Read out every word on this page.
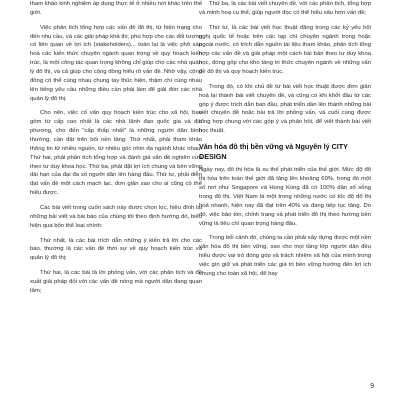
tham khảo kinh nghiệm áp dụng thực tế ở nhiều nơi khác trên thế giới.

Việc phân tích tổng hợp các vấn đề đô thị, từ hiện trạng cho đến nhu cầu, và các giải pháp khả thi, phù hợp cho các đối tượng có liên quan về lợi ích (stakeholders)... toàn lại là việc phô sáp hoà các kiến thức chuyên ngành quan trọng về quy hoạch kiến trúc, là một công tác quan trọng không chỉ giúp cho các nhà quản lý đô thị, và cả giúp cho cộng đồng hiểu rõ vấn đề. Nhờ vậy, cộng đồng có thể cùng nhau chung tay thúc hiện, thậm chí cùng nhau lên tiếng yêu cầu những điều cần phải làm để giải đón các nhà quản lý đô thị.

Cho nên, việc cố vấn quy hoạch kiến trúc cho xã hội, bao gồm từ cấp cao nhất là các nhà lãnh đạo quốc gia và địa phương, cho đến "cấp thấp nhất" là những người dân bình thường, cần đặt trên bối nền tảng: Thứ nhất, phải tham khảo thông tin từ nhiều nguồn, từ nhiều góc nhìn đa ngành khác nhau. Thứ hai, phải phân tích tổng hợp và đánh giá vấn đề nghiên cứu theo tư duy khoa học. Thứ ba, phải đặt lợi ích chung và bền vững dài hạn của đại đa số người dân lên hàng đầu. Thứ tư, phải diễn đạt vấn đề một cách mạch lạc, đơn giản sao cho ai cũng có thể hiểu được.

Các bài viết trong cuốn sách này được chọn lọc, hiệu đính lại những bài viết và bài báo của chúng tôi theo định hướng đó, biểu hiện qua bốn thể loại chính:

Thứ nhất, là các bài trích dẫn những ý kiến trả lời cho các báo, thường là các vấn đề thời sự về quy hoạch kiến trúc và quản lý đô thị;

Thứ hai, là các bài tả lời phỏng vấn, với các phân tích và đề xuất giải pháp đối với các vấn đề nóng mà người dân đang quan tâm;

Thứ ba, là các bài viết chuyên đề, với các phân tích, tổng hợp và minh hoạ cụ thể, giúp người đọc có thể hiểu sâu hơn vấn đề;

Thứ tư, là các bài viết học thuật đăng trong các kỷ yếu hội nghị quốc tế hoặc trên các tạp chí chuyên ngành trong hoặc ngoài nước, có trích dẫn nguồn tài liệu tham khảo, phân tích tổng hợp các vấn đề và giải pháp một cách bài bản theo tư duy khoa học, đóng góp cho kho tàng tri thức chuyên ngành về những vấn đề đô thị và quy hoạch kiến trúc.

Trong đó, có khi chủ đề từ bài viết học thuật được đơn giản hoá lại thành bài viết chuyên đề, và cũng có khi khởi đầu từ các góp ý được trích dẫn ban đầu, phát triển dần lên thành những bài viết chuyên đề hoặc bài trả lời phỏng vấn, và cuối cùng được tổng hợp chung với các góp ý và phản hồi, để viết thành bài viết học thuật.

Văn hóa đô thị bền vững và Nguyên lý CITY DESIGN

Ngày nay, đô thị hóa là xu thế phát triển của thế giới. Mức độ đô thị hóa trên toàn thế giới đã tăng lên khoảng 60%, trong đó một số nơi như Singapore và Hong Kong đã có 100% dân số sống trong đô thị. Việt Nam là một trong những nước có tốc độ đô thị hoá nhanh, hiện nay đã đạt trên 40% và đang tiếp tục tăng. Do đó, việc bảo tồn, chỉnh trang và phát triển đô thị theo hướng bền vững là tiêu chí quan trọng hàng đầu.

Trong bối cảnh đó, chúng ta cần phải xây dựng được một nền văn hóa đô thị bền vững, sao cho mọi tầng lớp người dân đều hiểu được vai trò đóng góp và trách nhiệm xã hội của mình trong việc gìn giữ và phát triển các giá trị bền vững hướng đến lợi ích chung cho toàn xã hội, để hay

9
